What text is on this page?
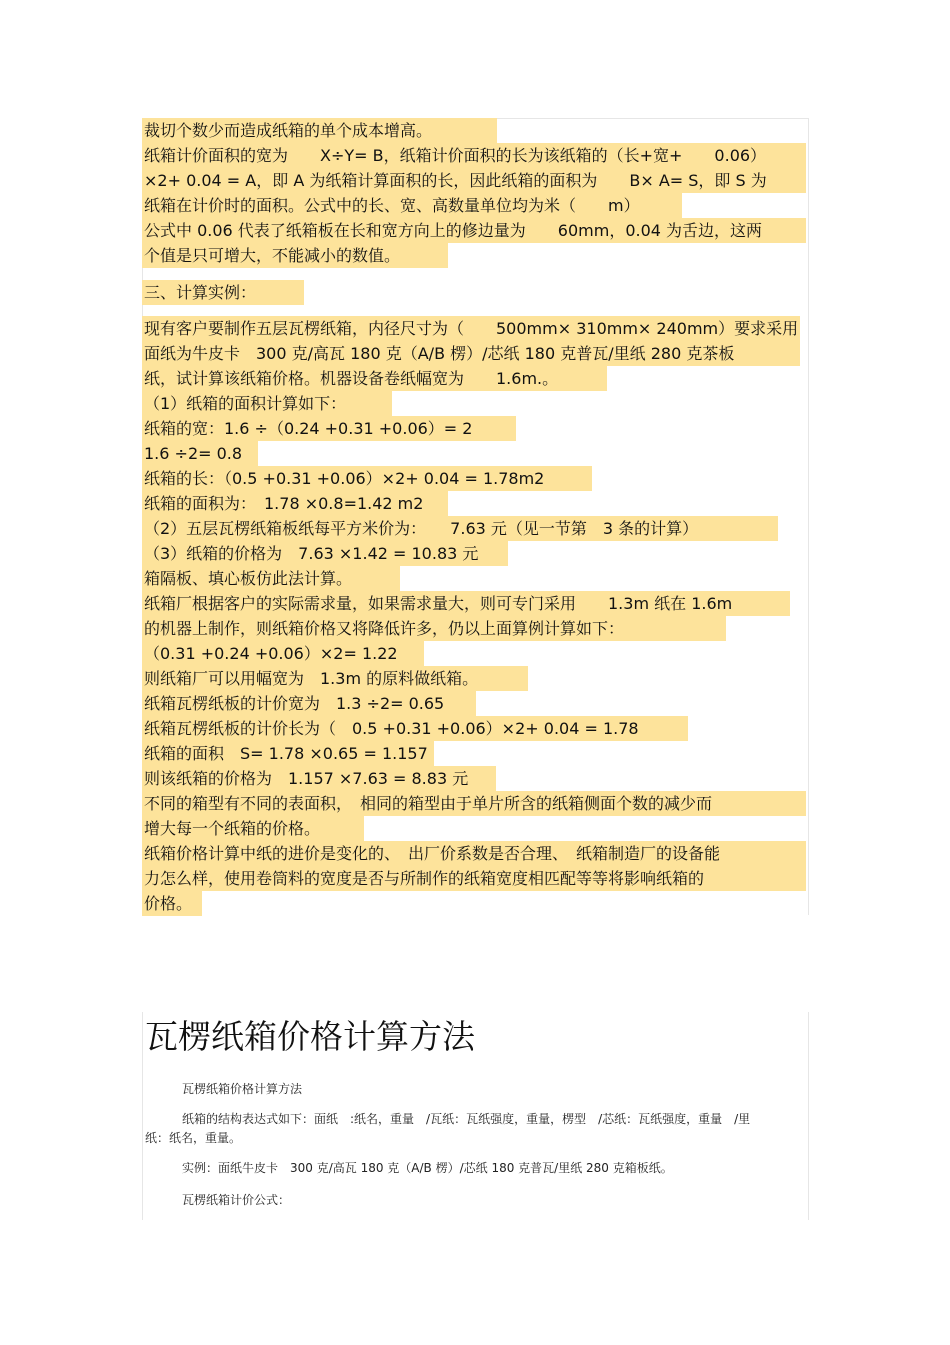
裁切个数少而造成纸箱的单个成本增高。
纸箱计价面积的宽为　　X÷Y= B，纸箱计价面积的长为该纸箱的（长+宽+　　0.06）
×2+ 0.04 = A，即 A 为纸箱计算面积的长，因此纸箱的面积为　　B× A= S，即 S 为
纸箱在计价时的面积。公式中的长、宽、高数量单位均为米（　　m）
公式中 0.06 代表了纸箱板在长和宽方向上的修边量为　　60mm，0.04 为舌边，这两
个值是只可增大，不能减小的数值。
三、计算实例：
现有客户要制作五层瓦楞纸箱，内径尺寸为（　　500mm× 310mm× 240mm）要求采用
面纸为牛皮卡　300 克/高瓦 180 克（A/B 楞）/芯纸 180 克普瓦/里纸 280 克茶板
纸，试计算该纸箱价格。机器设备卷纸幅宽为　　1.6m.。
（1）纸箱的面积计算如下：
纸箱的宽：1.6 ÷（0.24 +0.31 +0.06）= 2
1.6 ÷2= 0.8
纸箱的长：（0.5 +0.31 +0.06）×2+ 0.04 = 1.78m2
纸箱的面积为：　1.78 ×0.8=1.42 m2
（2）五层瓦楞纸箱板纸每平方米价为：　　7.63 元（见一节第　3 条的计算）
（3）纸箱的价格为　7.63 ×1.42 = 10.83 元
箱隔板、填心板仿此法计算。
纸箱厂根据客户的实际需求量，如果需求量大，则可专门采用　　1.3m 纸在 1.6m
的机器上制作，则纸箱价格又将降低许多，仍以上面算例计算如下：
（0.31 +0.24 +0.06）×2= 1.22
则纸箱厂可以用幅宽为　1.3m 的原料做纸箱。
纸箱瓦楞纸板的计价宽为　1.3 ÷2= 0.65
纸箱瓦楞纸板的计价长为（　0.5 +0.31 +0.06）×2+ 0.04 = 1.78
纸箱的面积　S= 1.78 ×0.65 = 1.157
则该纸箱的价格为　1.157 ×7.63 = 8.83 元
不同的箱型有不同的表面积，　相同的箱型由于单片所含的纸箱侧面个数的减少而
增大每一个纸箱的价格。
纸箱价格计算中纸的进价是变化的、　出厂价系数是否合理、　纸箱制造厂的设备能
力怎么样，使用卷筒料的宽度是否与所制作的纸箱宽度相匹配等等将影响纸箱的
价格。
瓦楞纸箱价格计算方法
瓦楞纸箱价格计算方法
纸箱的结构表达式如下：面纸　:纸名，重量　/瓦纸：瓦纸强度，重量，楞型　/芯纸：瓦纸强度，重量　/里
纸：纸名，重量。
实例：面纸牛皮卡　300 克/高瓦 180 克（A/B 楞）/芯纸 180 克普瓦/里纸 280 克箱板纸。
瓦楞纸箱计价公式：
